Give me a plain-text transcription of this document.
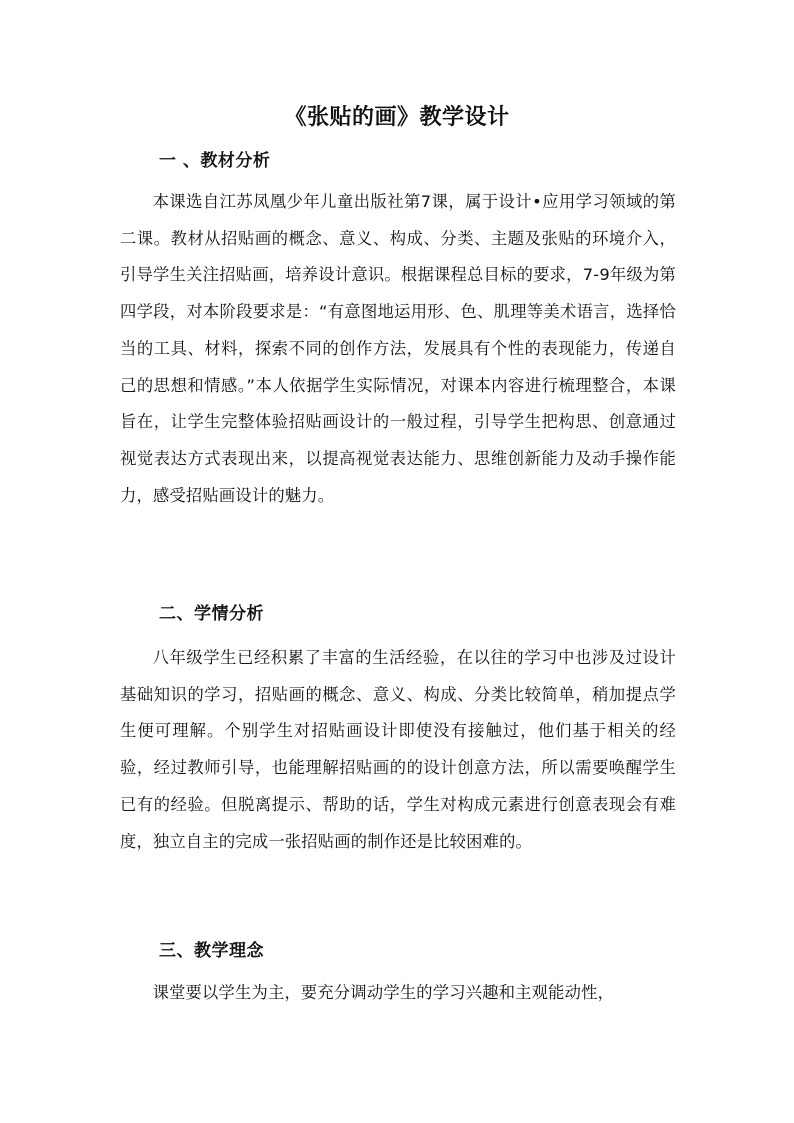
《张贴的画》教学设计
一 、教材分析

本课选自江苏凤凰少年儿童出版社第7课，属于设计•应用学习领域的第二课。教材从招贴画的概念、意义、构成、分类、主题及张贴的环境介入，引导学生关注招贴画，培养设计意识。根据课程总目标的要求，7-9年级为第四学段，对本阶段要求是：“有意图地运用形、色、肌理等美术语言，选择恰当的工具、材料，探索不同的创作方法，发展具有个性的表现能力，传递自己的思想和情感。”本人依据学生实际情况，对课本内容进行梳理整合，本课旨在，让学生完整体验招贴画设计的一般过程，引导学生把构思、创意通过视觉表达方式表现出来，以提高视觉表达能力、思维创新能力及动手操作能力，感受招贴画设计的魅力。

二、学情分析

八年级学生已经积累了丰富的生活经验，在以往的学习中也涉及过设计基础知识的学习，招贴画的概念、意义、构成、分类比较简单，稍加提点学生便可理解。个别学生对招贴画设计即使没有接触过，他们基于相关的经验，经过教师引导，也能理解招贴画的的设计创意方法，所以需要唤醒学生已有的经验。但脱离提示、帮助的话，学生对构成元素进行创意表现会有难度，独立自主的完成一张招贴画的制作还是比较困难的。

三、教学理念

课堂要以学生为主，要充分调动学生的学习兴趣和主观能动性，
